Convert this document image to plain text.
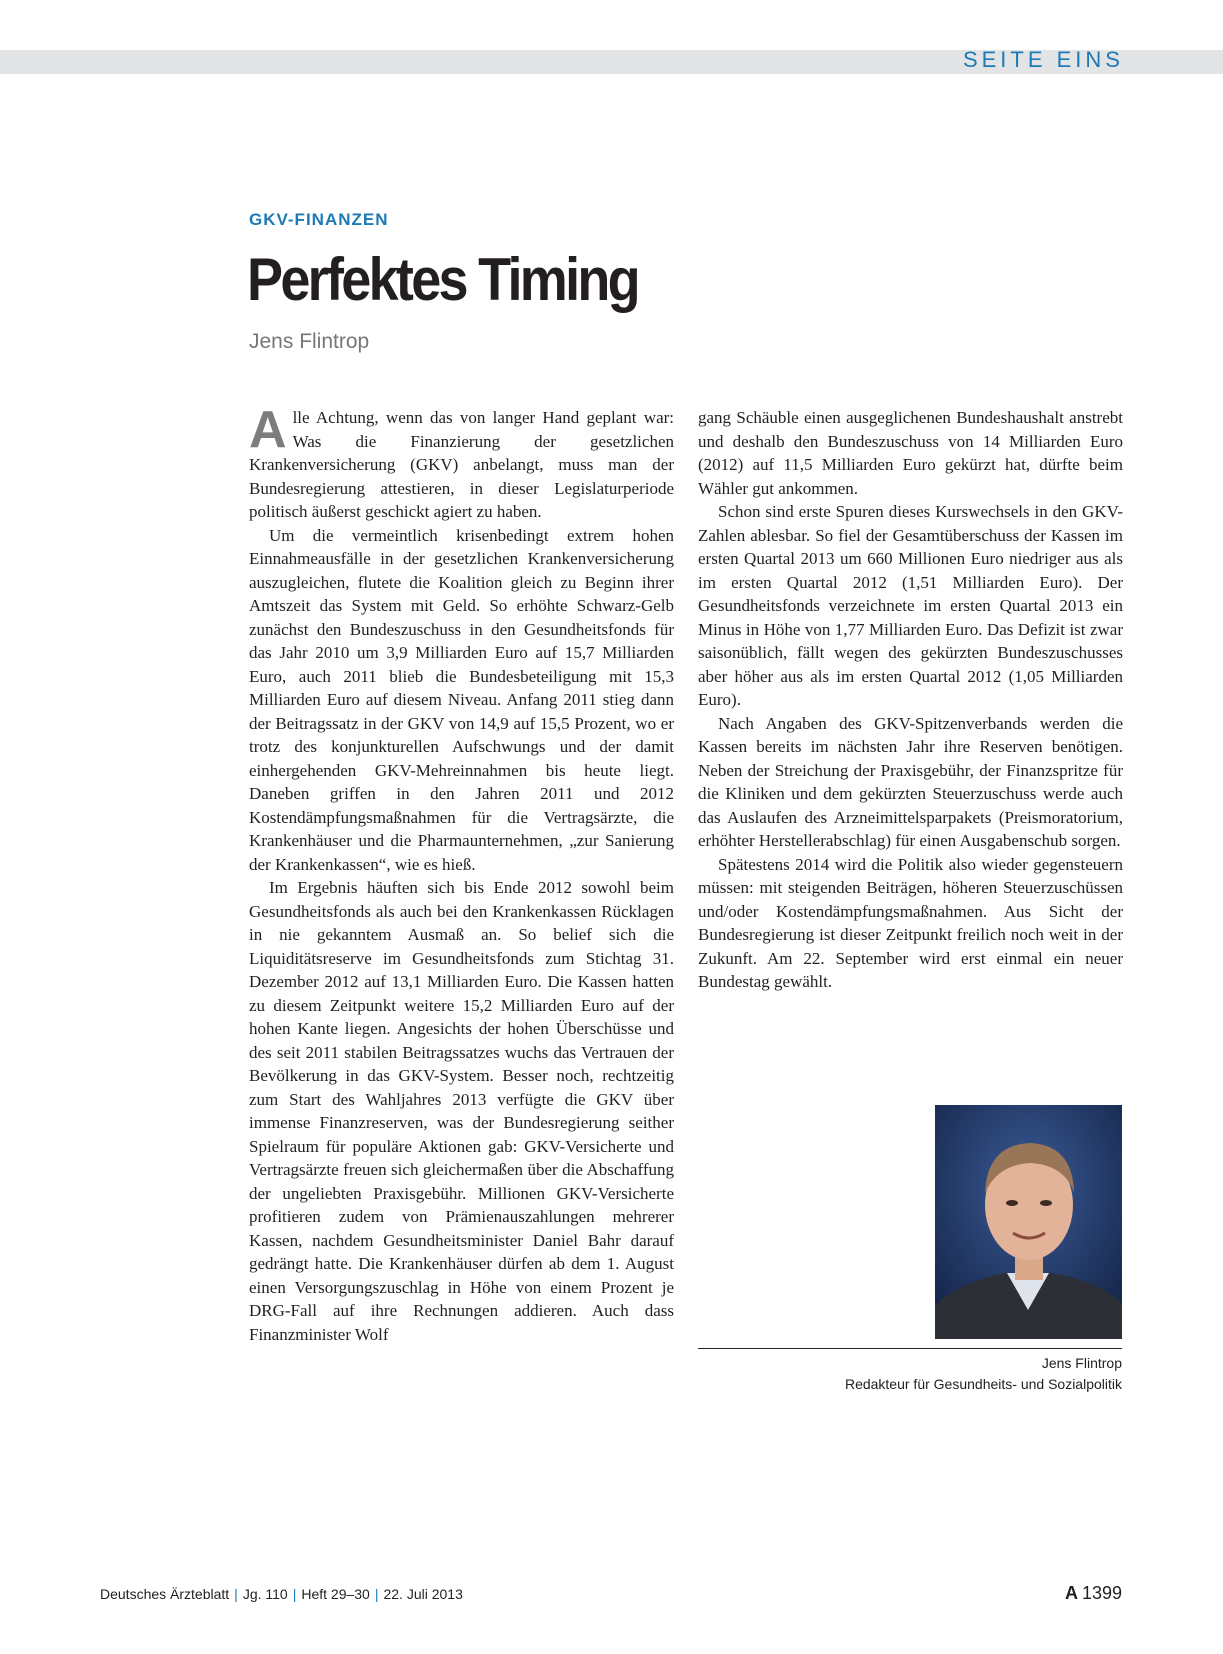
SEITE EINS
GKV-FINANZEN
Perfektes Timing
Jens Flintrop

Alle Achtung, wenn das von langer Hand geplant war: Was die Finanzierung der gesetzlichen Krankenversicherung (GKV) anbelangt, muss man der Bundesregierung attestieren, in dieser Legislaturperiode politisch äußerst geschickt agiert zu haben.

Um die vermeintlich krisenbedingt extrem hohen Einnahmeausfälle in der gesetzlichen Krankenversicherung auszugleichen, flutete die Koalition gleich zu Beginn ihrer Amtszeit das System mit Geld. So erhöhte Schwarz-Gelb zunächst den Bundeszuschuss in den Gesundheitsfonds für das Jahr 2010 um 3,9 Milliarden Euro auf 15,7 Milliarden Euro, auch 2011 blieb die Bundesbeteiligung mit 15,3 Milliarden Euro auf diesem Niveau. Anfang 2011 stieg dann der Beitragssatz in der GKV von 14,9 auf 15,5 Prozent, wo er trotz des konjunkturellen Aufschwungs und der damit einhergehenden GKV-Mehreinnahmen bis heute liegt. Daneben griffen in den Jahren 2011 und 2012 Kostendämpfungsmaßnahmen für die Vertragsärzte, die Krankenhäuser und die Pharmaunternehmen, „zur Sanierung der Krankenkassen“, wie es hieß.

Im Ergebnis häuften sich bis Ende 2012 sowohl beim Gesundheitsfonds als auch bei den Krankenkassen Rücklagen in nie gekanntem Ausmaß an. So belief sich die Liquiditätsreserve im Gesundheitsfonds zum Stichtag 31. Dezember 2012 auf 13,1 Milliarden Euro. Die Kassen hatten zu diesem Zeitpunkt weitere 15,2 Milliarden Euro auf der hohen Kante liegen. Angesichts der hohen Überschüsse und des seit 2011 stabilen Beitragssatzes wuchs das Vertrauen der Bevölkerung in das GKV-System. Besser noch, rechtzeitig zum Start des Wahljahres 2013 verfügte die GKV über immense Finanzreserven, was der Bundesregierung seither Spielraum für populäre Aktionen gab: GKV-Versicherte und Vertragsärzte freuen sich gleichermaßen über die Abschaffung der ungeliebten Praxisgebühr. Millionen GKV-Versicherte profitieren zudem von Prämienauszahlungen mehrerer Kassen, nachdem Gesundheitsminister Daniel Bahr darauf gedrängt hatte. Die Krankenhäuser dürfen ab dem 1. August einen Versorgungszuschlag in Höhe von einem Prozent je DRG-Fall auf ihre Rechnungen addieren. Auch dass Finanzminister Wolf

gang Schäuble einen ausgeglichenen Bundeshaushalt anstrebt und deshalb den Bundeszuschuss von 14 Milliarden Euro (2012) auf 11,5 Milliarden Euro gekürzt hat, dürfte beim Wähler gut ankommen.

Schon sind erste Spuren dieses Kurswechsels in den GKV-Zahlen ablesbar. So fiel der Gesamtüberschuss der Kassen im ersten Quartal 2013 um 660 Millionen Euro niedriger aus als im ersten Quartal 2012 (1,51 Milliarden Euro). Der Gesundheitsfonds verzeichnete im ersten Quartal 2013 ein Minus in Höhe von 1,77 Milliarden Euro. Das Defizit ist zwar saisonüblich, fällt wegen des gekürzten Bundeszuschusses aber höher aus als im ersten Quartal 2012 (1,05 Milliarden Euro).

Nach Angaben des GKV-Spitzenverbands werden die Kassen bereits im nächsten Jahr ihre Reserven benötigen. Neben der Streichung der Praxisgebühr, der Finanzspritze für die Kliniken und dem gekürzten Steuerzuschuss werde auch das Auslaufen des Arzneimittelsparpakets (Preismoratorium, erhöhter Herstellerabschlag) für einen Ausgabenschub sorgen.

Spätestens 2014 wird die Politik also wieder gegensteuern müssen: mit steigenden Beiträgen, höheren Steuerzuschüssen und/oder Kostendämpfungsmaßnahmen. Aus Sicht der Bundesregierung ist dieser Zeitpunkt freilich noch weit in der Zukunft. Am 22. September wird erst einmal ein neuer Bundestag gewählt.

Jens Flintrop
Redakteur für Gesundheits- und Sozialpolitik
Deutsches Ärzteblatt | Jg. 110 | Heft 29–30 | 22. Juli 2013	A 1399
